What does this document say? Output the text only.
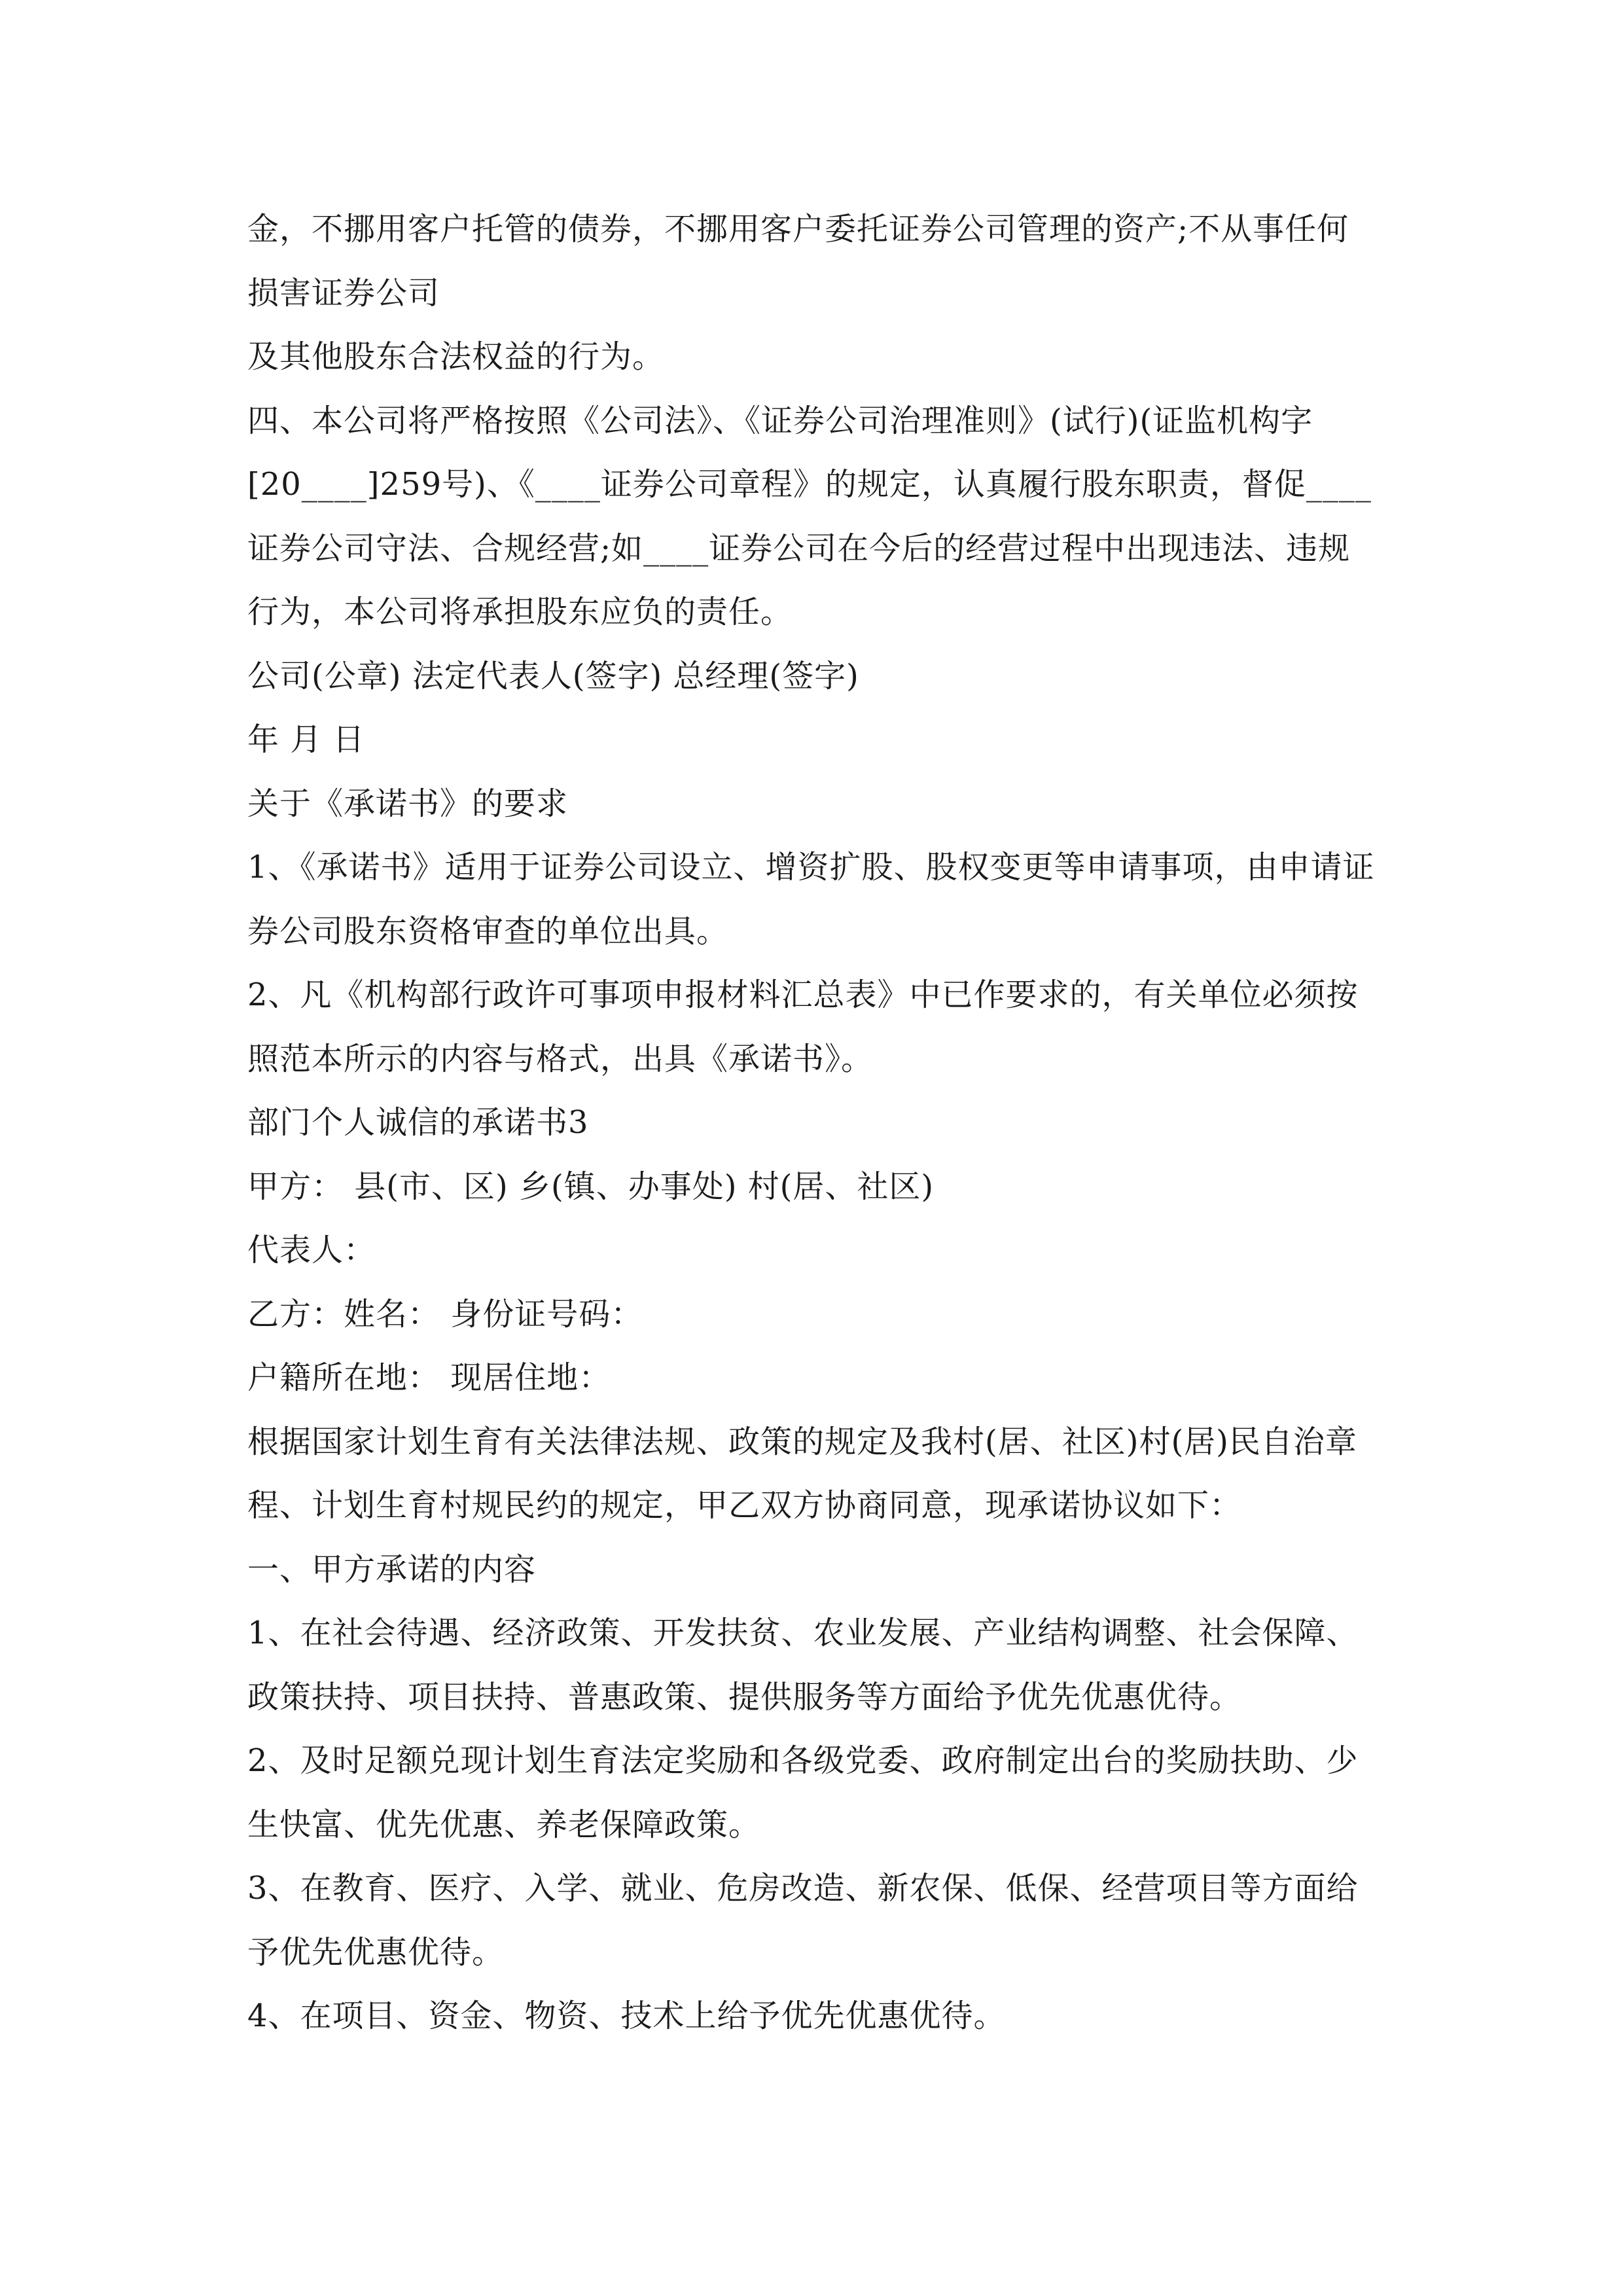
金，不挪用客户托管的债券，不挪用客户委托证券公司管理的资产;不从事任何
损害证券公司
及其他股东合法权益的行为。
四、本公司将严格按照《公司法》、《证券公司治理准则》(试行)(证监机构字
[20____]259号)、《____证券公司章程》的规定，认真履行股东职责，督促____
证券公司守法、合规经营;如____证券公司在今后的经营过程中出现违法、违规
行为，本公司将承担股东应负的责任。
公司(公章) 法定代表人(签字) 总经理(签字)
年 月 日
关于《承诺书》的要求
1、《承诺书》适用于证券公司设立、增资扩股、股权变更等申请事项，由申请证
券公司股东资格审查的单位出具。
2、凡《机构部行政许可事项申报材料汇总表》中已作要求的，有关单位必须按
照范本所示的内容与格式，出具《承诺书》。
部门个人诚信的承诺书3
甲方： 县(市、区) 乡(镇、办事处) 村(居、社区)
代表人：
乙方：姓名： 身份证号码：
户籍所在地： 现居住地：
根据国家计划生育有关法律法规、政策的规定及我村(居、社区)村(居)民自治章
程、计划生育村规民约的规定，甲乙双方协商同意，现承诺协议如下：
一、甲方承诺的内容
1、在社会待遇、经济政策、开发扶贫、农业发展、产业结构调整、社会保障、
政策扶持、项目扶持、普惠政策、提供服务等方面给予优先优惠优待。
2、及时足额兑现计划生育法定奖励和各级党委、政府制定出台的奖励扶助、少
生快富、优先优惠、养老保障政策。
3、在教育、医疗、入学、就业、危房改造、新农保、低保、经营项目等方面给
予优先优惠优待。
4、在项目、资金、物资、技术上给予优先优惠优待。
